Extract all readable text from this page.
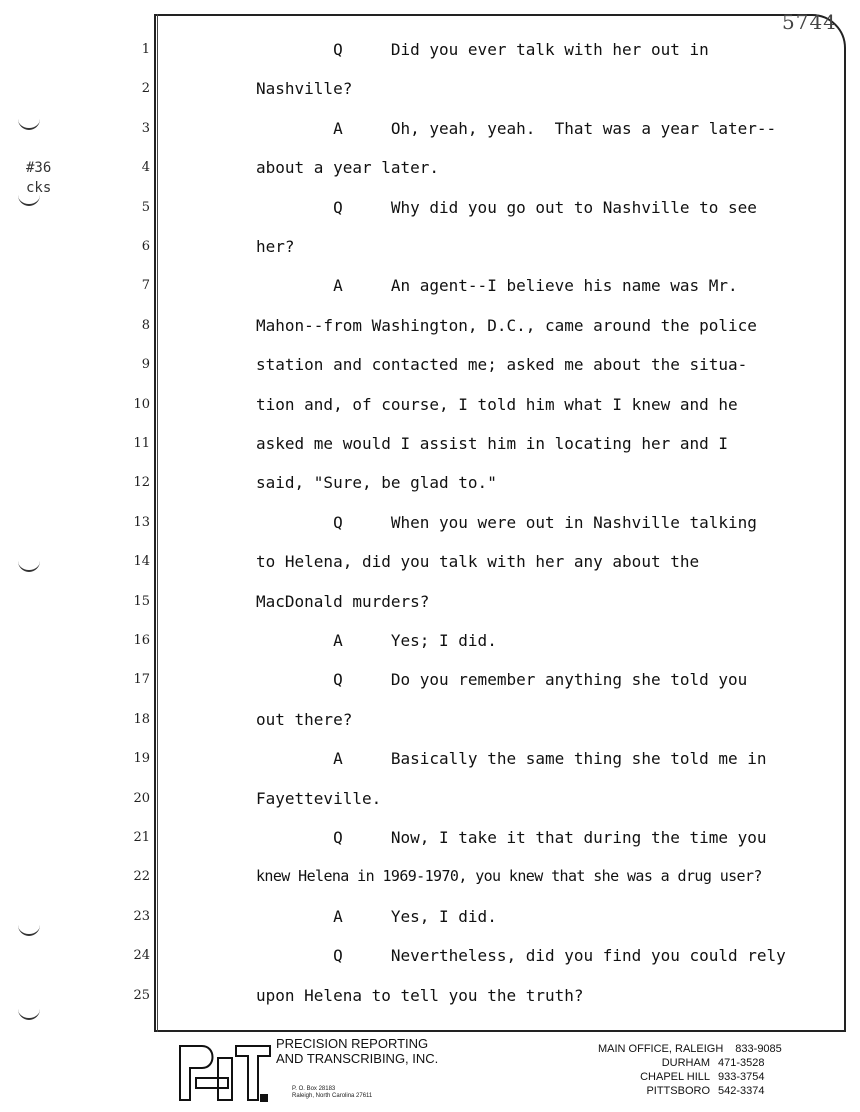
5744
#36
cks
1	Q     Did you ever talk with her out in
2	Nashville?
3	A     Oh, yeah, yeah.  That was a year later--
4	about a year later.
5	Q     Why did you go out to Nashville to see
6	her?
7	A     An agent--I believe his name was Mr.
8	Mahon--from Washington, D.C., came around the police
9	station and contacted me; asked me about the situa-
10	tion and, of course, I told him what I knew and he
11	asked me would I assist him in locating her and I
12	said, "Sure, be glad to."
13	Q     When you were out in Nashville talking
14	to Helena, did you talk with her any about the
15	MacDonald murders?
16	A     Yes; I did.
17	Q     Do you remember anything she told you
18	out there?
19	A     Basically the same thing she told me in
20	Fayetteville.
21	Q     Now, I take it that during the time you
22	knew Helena in 1969-1970, you knew that she was a drug user?
23	A     Yes, I did.
24	Q     Nevertheless, did you find you could rely
25	upon Helena to tell you the truth?
PRECISION REPORTING
AND TRANSCRIBING, INC.
P. O. Box 28183
Raleigh, North Carolina 27611
MAIN OFFICE, RALEIGH	833-9085
DURHAM 471-3528
CHAPEL HILL 933-3754
PITTSBORO 542-3374
